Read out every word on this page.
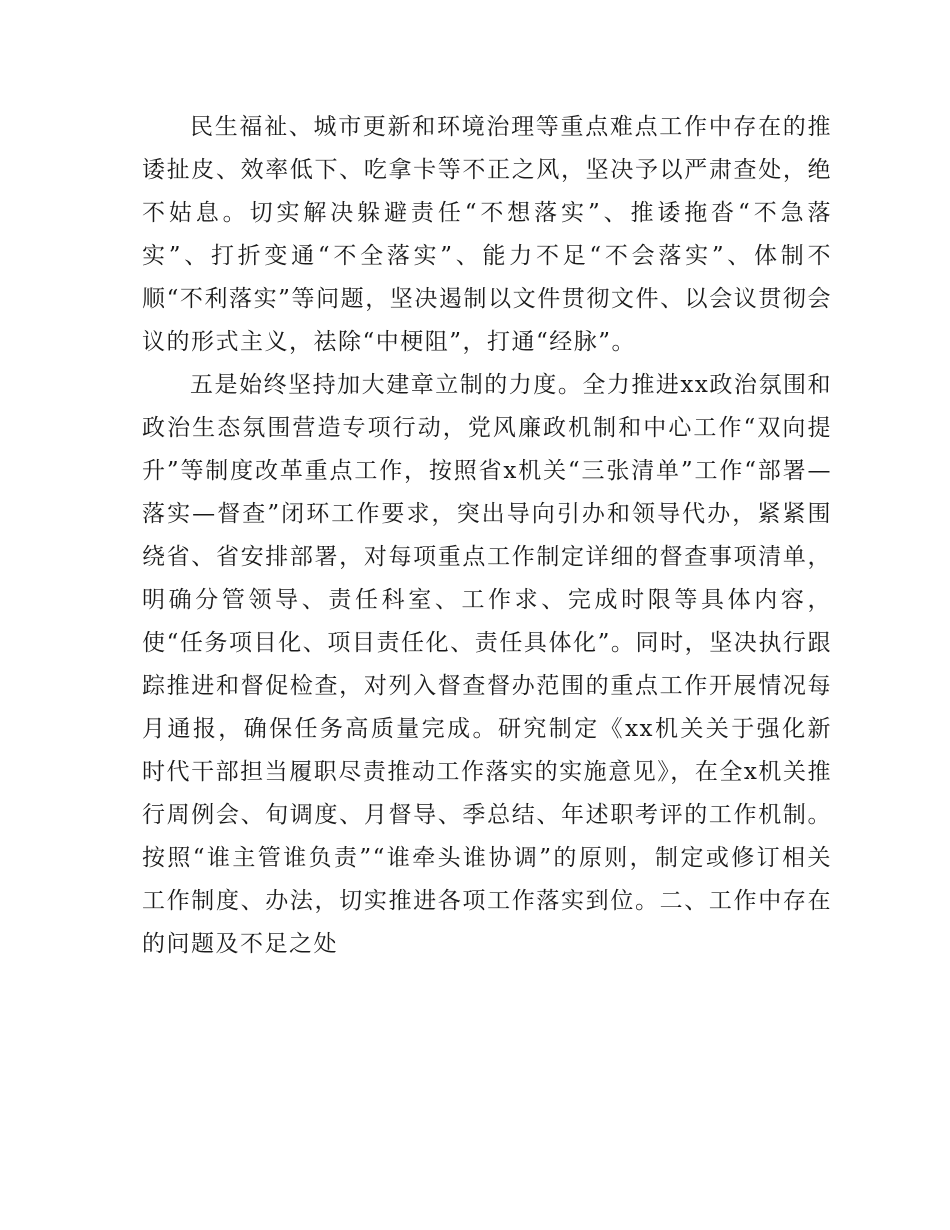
民生福祉、城市更新和环境治理等重点难点工作中存在的推诿扯皮、效率低下、吃拿卡等不正之风，坚决予以严肃查处，绝不姑息。切实解决躲避责任“不想落实”、推诿拖沓“不急落实”、打折变通“不全落实”、能力不足“不会落实”、体制不顺“不利落实”等问题，坚决遏制以文件贯彻文件、以会议贯彻会议的形式主义，祛除“中梗阻”，打通“经脉”。

五是始终坚持加大建章立制的力度。全力推进xx政治氛围和政治生态氛围营造专项行动，党风廉政机制和中心工作“双向提升”等制度改革重点工作，按照省x机关“三张清单”工作“部署—落实—督查”闭环工作要求，突出导向引办和领导代办，紧紧围绕省、省安排部署，对每项重点工作制定详细的督查事项清单，明确分管领导、责任科室、工作求、完成时限等具体内容，使“任务项目化、项目责任化、责任具体化”。同时，坚决执行跟踪推进和督促检查，对列入督查督办范围的重点工作开展情况每月通报，确保任务高质量完成。研究制定《xx机关关于强化新时代干部担当履职尽责推动工作落实的实施意见》，在全x机关推行周例会、旬调度、月督导、季总结、年述职考评的工作机制。按照“谁主管谁负责”“谁牵头谁协调”的原则，制定或修订相关工作制度、办法，切实推进各项工作落实到位。二、工作中存在的问题及不足之处
